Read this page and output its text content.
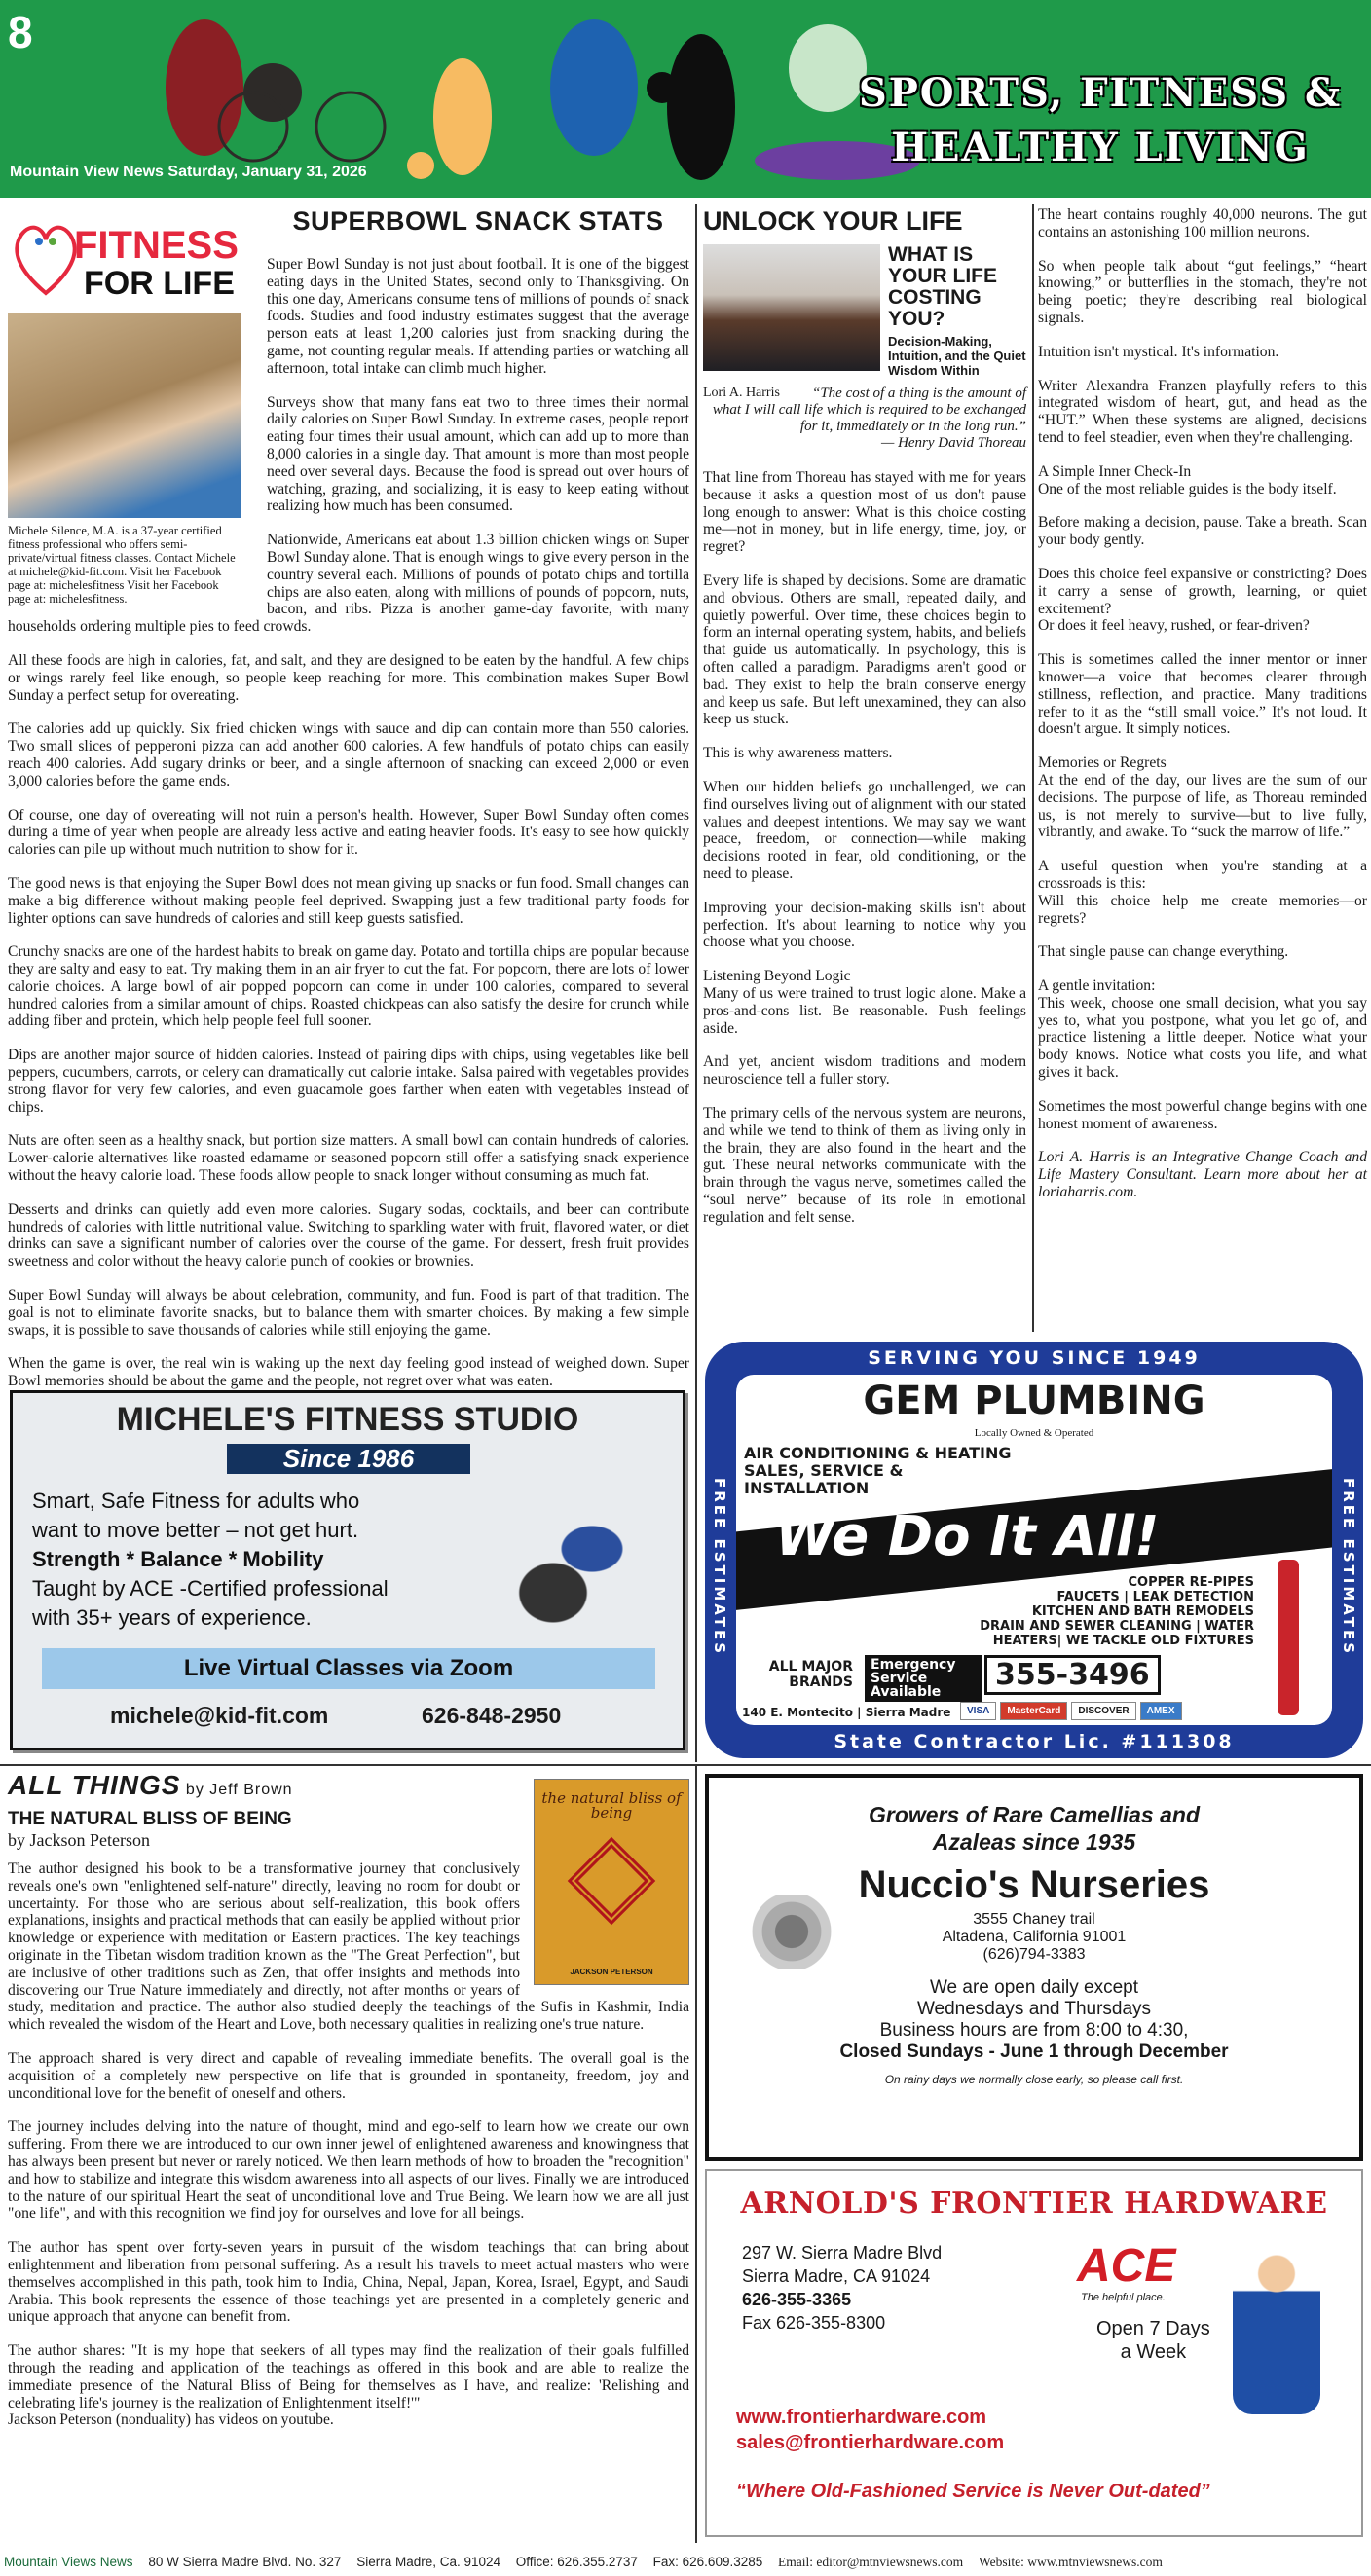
8
SPORTS, FITNESS &
HEALTHY LIVING
Mountain View News Saturday, January 31, 2026
FITNESS
FOR LIFE
Michele Silence, M.A. is a 37-year certified fitness professional who offers semi-private/virtual fitness classes. Contact Michele at michele@kid-fit.com. Visit her Facebook page at: michelesfitness Visit her Facebook page at: michelesfitness.
SUPERBOWL SNACK STATS

Super Bowl Sunday is not just about football. It is one of the biggest eating days in the United States, second only to Thanksgiving. On this one day, Americans consume tens of millions of pounds of snack foods. Studies and food industry estimates suggest that the average person eats at least 1,200 calories just from snacking during the game, not counting regular meals. If attending parties or watching all afternoon, total intake can climb much higher.

Surveys show that many fans eat two to three times their normal daily calories on Super Bowl Sunday. In extreme cases, people report eating four times their usual amount, which can add up to more than 8,000 calories in a single day. That amount is more than most people need over several days. Because the food is spread out over hours of watching, grazing, and socializing, it is easy to keep eating without realizing how much has been consumed.

Nationwide, Americans eat about 1.3 billion chicken wings on Super Bowl Sunday alone. That is enough wings to give every person in the country several each. Millions of pounds of potato chips and tortilla chips are also eaten, along with millions of pounds of popcorn, nuts, bacon, and ribs. Pizza is another game-day favorite, with many households ordering multiple pies to feed crowds.

All these foods are high in calories, fat, and salt, and they are designed to be eaten by the handful. A few chips or wings rarely feel like enough, so people keep reaching for more. This combination makes Super Bowl Sunday a perfect setup for overeating.

The calories add up quickly. Six fried chicken wings with sauce and dip can contain more than 550 calories. Two small slices of pepperoni pizza can add another 600 calories. A few handfuls of potato chips can easily reach 400 calories. Add sugary drinks or beer, and a single afternoon of snacking can exceed 2,000 or even 3,000 calories before the game ends.

Of course, one day of overeating will not ruin a person's health. However, Super Bowl Sunday often comes during a time of year when people are already less active and eating heavier foods. It's easy to see how quickly calories can pile up without much nutrition to show for it.

The good news is that enjoying the Super Bowl does not mean giving up snacks or fun food. Small changes can make a big difference without making people feel deprived. Swapping just a few traditional party foods for lighter options can save hundreds of calories and still keep guests satisfied.

Crunchy snacks are one of the hardest habits to break on game day. Potato and tortilla chips are popular because they are salty and easy to eat. Try making them in an air fryer to cut the fat. For popcorn, there are lots of lower calorie choices. A large bowl of air popped popcorn can come in under 100 calories, compared to several hundred calories from a similar amount of chips. Roasted chickpeas can also satisfy the desire for crunch while adding fiber and protein, which help people feel full sooner.

Dips are another major source of hidden calories. Instead of pairing dips with chips, using vegetables like bell peppers, cucumbers, carrots, or celery can dramatically cut calorie intake. Salsa paired with vegetables provides strong flavor for very few calories, and even guacamole goes farther when eaten with vegetables instead of chips.

Nuts are often seen as a healthy snack, but portion size matters. A small bowl can contain hundreds of calories. Lower-calorie alternatives like roasted edamame or seasoned popcorn still offer a satisfying snack experience without the heavy calorie load. These foods allow people to snack longer without consuming as much fat.

Desserts and drinks can quietly add even more calories. Sugary sodas, cocktails, and beer can contribute hundreds of calories with little nutritional value. Switching to sparkling water with fruit, flavored water, or diet drinks can save a significant number of calories over the course of the game. For dessert, fresh fruit provides sweetness and color without the heavy calorie punch of cookies or brownies.

Super Bowl Sunday will always be about celebration, community, and fun. Food is part of that tradition. The goal is not to eliminate favorite snacks, but to balance them with smarter choices. By making a few simple swaps, it is possible to save thousands of calories while still enjoying the game.

When the game is over, the real win is waking up the next day feeling good instead of weighed down. Super Bowl memories should be about the game and the people, not regret over what was eaten.

MICHELE'S FITNESS STUDIO
Since 1986
Smart, Safe Fitness for adults who
want to move better – not get hurt.
Strength * Balance * Mobility
Taught by ACE -Certified professional
with 35+ years of experience.
Live Virtual Classes via Zoom
michele@kid-fit.com	626-848-2950
UNLOCK YOUR LIFE
WHAT IS YOUR LIFE COSTING YOU?
Decision-Making, Intuition, and the Quiet Wisdom Within
Lori A. Harris	“The cost of a thing is the amount of what I will call life which is required to be exchanged for it, immediately or in the long run.”
— Henry David Thoreau

That line from Thoreau has stayed with me for years because it asks a question most of us don't pause long enough to answer: What is this choice costing me—not in money, but in life energy, time, joy, or regret?

Every life is shaped by decisions. Some are dramatic and obvious. Others are small, repeated daily, and quietly powerful. Over time, these choices begin to form an internal operating system, habits, and beliefs that guide us automatically. In psychology, this is often called a paradigm. Paradigms aren't good or bad. They exist to help the brain conserve energy and keep us safe. But left unexamined, they can also keep us stuck.

This is why awareness matters.

When our hidden beliefs go unchallenged, we can find ourselves living out of alignment with our stated values and deepest intentions. We may say we want peace, freedom, or connection—while making decisions rooted in fear, old conditioning, or the need to please.

Improving your decision-making skills isn't about perfection. It's about learning to notice why you choose what you choose.

Listening Beyond Logic
Many of us were trained to trust logic alone. Make a pros-and-cons list. Be reasonable. Push feelings aside.

And yet, ancient wisdom traditions and modern neuroscience tell a fuller story.

The primary cells of the nervous system are neurons, and while we tend to think of them as living only in the brain, they are also found in the heart and the gut. These neural networks communicate with the brain through the vagus nerve, sometimes called the “soul nerve” because of its role in emotional regulation and felt sense.

The heart contains roughly 40,000 neurons. The gut contains an astonishing 100 million neurons.

So when people talk about “gut feelings,” “heart knowing,” or butterflies in the stomach, they're not being poetic; they're describing real biological signals.

Intuition isn't mystical. It's information.

Writer Alexandra Franzen playfully refers to this integrated wisdom of heart, gut, and head as the “HUT.” When these systems are aligned, decisions tend to feel steadier, even when they're challenging.

A Simple Inner Check-In
One of the most reliable guides is the body itself.

Before making a decision, pause. Take a breath. Scan your body gently.

Does this choice feel expansive or constricting? Does it carry a sense of growth, learning, or quiet excitement?
Or does it feel heavy, rushed, or fear-driven?

This is sometimes called the inner mentor or inner knower—a voice that becomes clearer through stillness, reflection, and practice. Many traditions refer to it as the “still small voice.” It's not loud. It doesn't argue. It simply notices.

Memories or Regrets
At the end of the day, our lives are the sum of our decisions. The purpose of life, as Thoreau reminded us, is not merely to survive—but to live fully, vibrantly, and awake. To “suck the marrow of life.”

A useful question when you're standing at a crossroads is this:
Will this choice help me create memories—or regrets?

That single pause can change everything.

A gentle invitation:
This week, choose one small decision, what you say yes to, what you postpone, what you let go of, and practice listening a little deeper. Notice what your body knows. Notice what costs you life, and what gives it back.

Sometimes the most powerful change begins with one honest moment of awareness.

Lori A. Harris is an Integrative Change Coach and Life Mastery Consultant. Learn more about her at loriaharris.com.

SERVING YOU SINCE 1949
FREE ESTIMATES	FREE ESTIMATES
We Do It All!
GEM PLUMBING
Locally Owned & Operated
AIR CONDITIONING & HEATING
SALES, SERVICE &
INSTALLATION
COPPER RE-PIPES
FAUCETS | LEAK DETECTION
KITCHEN AND BATH REMODELS
DRAIN AND SEWER CLEANING | WATER
HEATERS| WE TACKLE OLD FIXTURES
ALL MAJOR BRANDS
Emergency Service Available	355-3496
140 E. Montecito | Sierra Madre	VISA	MasterCard	DISCOVER	AMEX
State Contractor Lic. #111308
ALL THINGS by Jeff Brown
THE NATURAL BLISS OF BEING
by Jackson Peterson
the natural bliss of being
JACKSON PETERSON

The author designed his book to be a transformative journey that conclusively reveals one's own "enlightened self-nature" directly, leaving no room for doubt or uncertainty. For those who are serious about self-realization, this book offers explanations, insights and practical methods that can easily be applied without prior knowledge or experience with meditation or Eastern practices. The key teachings originate in the Tibetan wisdom tradition known as the "The Great Perfection", but are inclusive of other traditions such as Zen, that offer insights and methods into discovering our True Nature immediately and directly, not after months or years of study, meditation and practice. The author also studied deeply the teachings of the Sufis in Kashmir, India which revealed the wisdom of the Heart and Love, both necessary qualities in realizing one's true nature.

The approach shared is very direct and capable of revealing immediate benefits. The overall goal is the acquisition of a completely new perspective on life that is grounded in spontaneity, freedom, joy and unconditional love for the benefit of oneself and others.

The journey includes delving into the nature of thought, mind and ego-self to learn how we create our own suffering. From there we are introduced to our own inner jewel of enlightened awareness and knowingness that has always been present but never or rarely noticed. We then learn methods of how to broaden the "recognition" and how to stabilize and integrate this wisdom awareness into all aspects of our lives. Finally we are introduced to the nature of our spiritual Heart the seat of unconditional love and True Being. We learn how we are all just "one life", and with this recognition we find joy for ourselves and love for all beings.

The author has spent over forty-seven years in pursuit of the wisdom teachings that can bring about enlightenment and liberation from personal suffering. As a result his travels to meet actual masters who were themselves accomplished in this path, took him to India, China, Nepal, Japan, Korea, Israel, Egypt, and Saudi Arabia. This book represents the essence of those teachings yet are presented in a completely generic and unique approach that anyone can benefit from.

The author shares: "It is my hope that seekers of all types may find the realization of their goals fulfilled through the reading and application of the teachings as offered in this book and are able to realize the immediate presence of the Natural Bliss of Being for themselves as I have, and realize: 'Relishing and celebrating life's journey is the realization of Enlightenment itself!'"
Jackson Peterson (nonduality) has videos on youtube.

Growers of Rare Camellias and
Azaleas since 1935
Nuccio's Nurseries
3555 Chaney trail
Altadena, California 91001
(626)794-3383
We are open daily except
Wednesdays and Thursdays
Business hours are from 8:00 to 4:30,
Closed Sundays - June 1 through December
On rainy days we normally close early, so please call first.
ARNOLD'S FRONTIER HARDWARE
297 W. Sierra Madre Blvd
Sierra Madre, CA 91024
626-355-3365
Fax 626-355-8300
ACE
The helpful place.
Open 7 Days
a Week
www.frontierhardware.com
sales@frontierhardware.com
“Where Old-Fashioned Service is Never Out-dated”
Mountain Views News 80 W Sierra Madre Blvd. No. 327 Sierra Madre, Ca. 91024 Office: 626.355.2737 Fax: 626.609.3285 Email: editor@mtnviewsnews.com Website: www.mtnviewsnews.com
